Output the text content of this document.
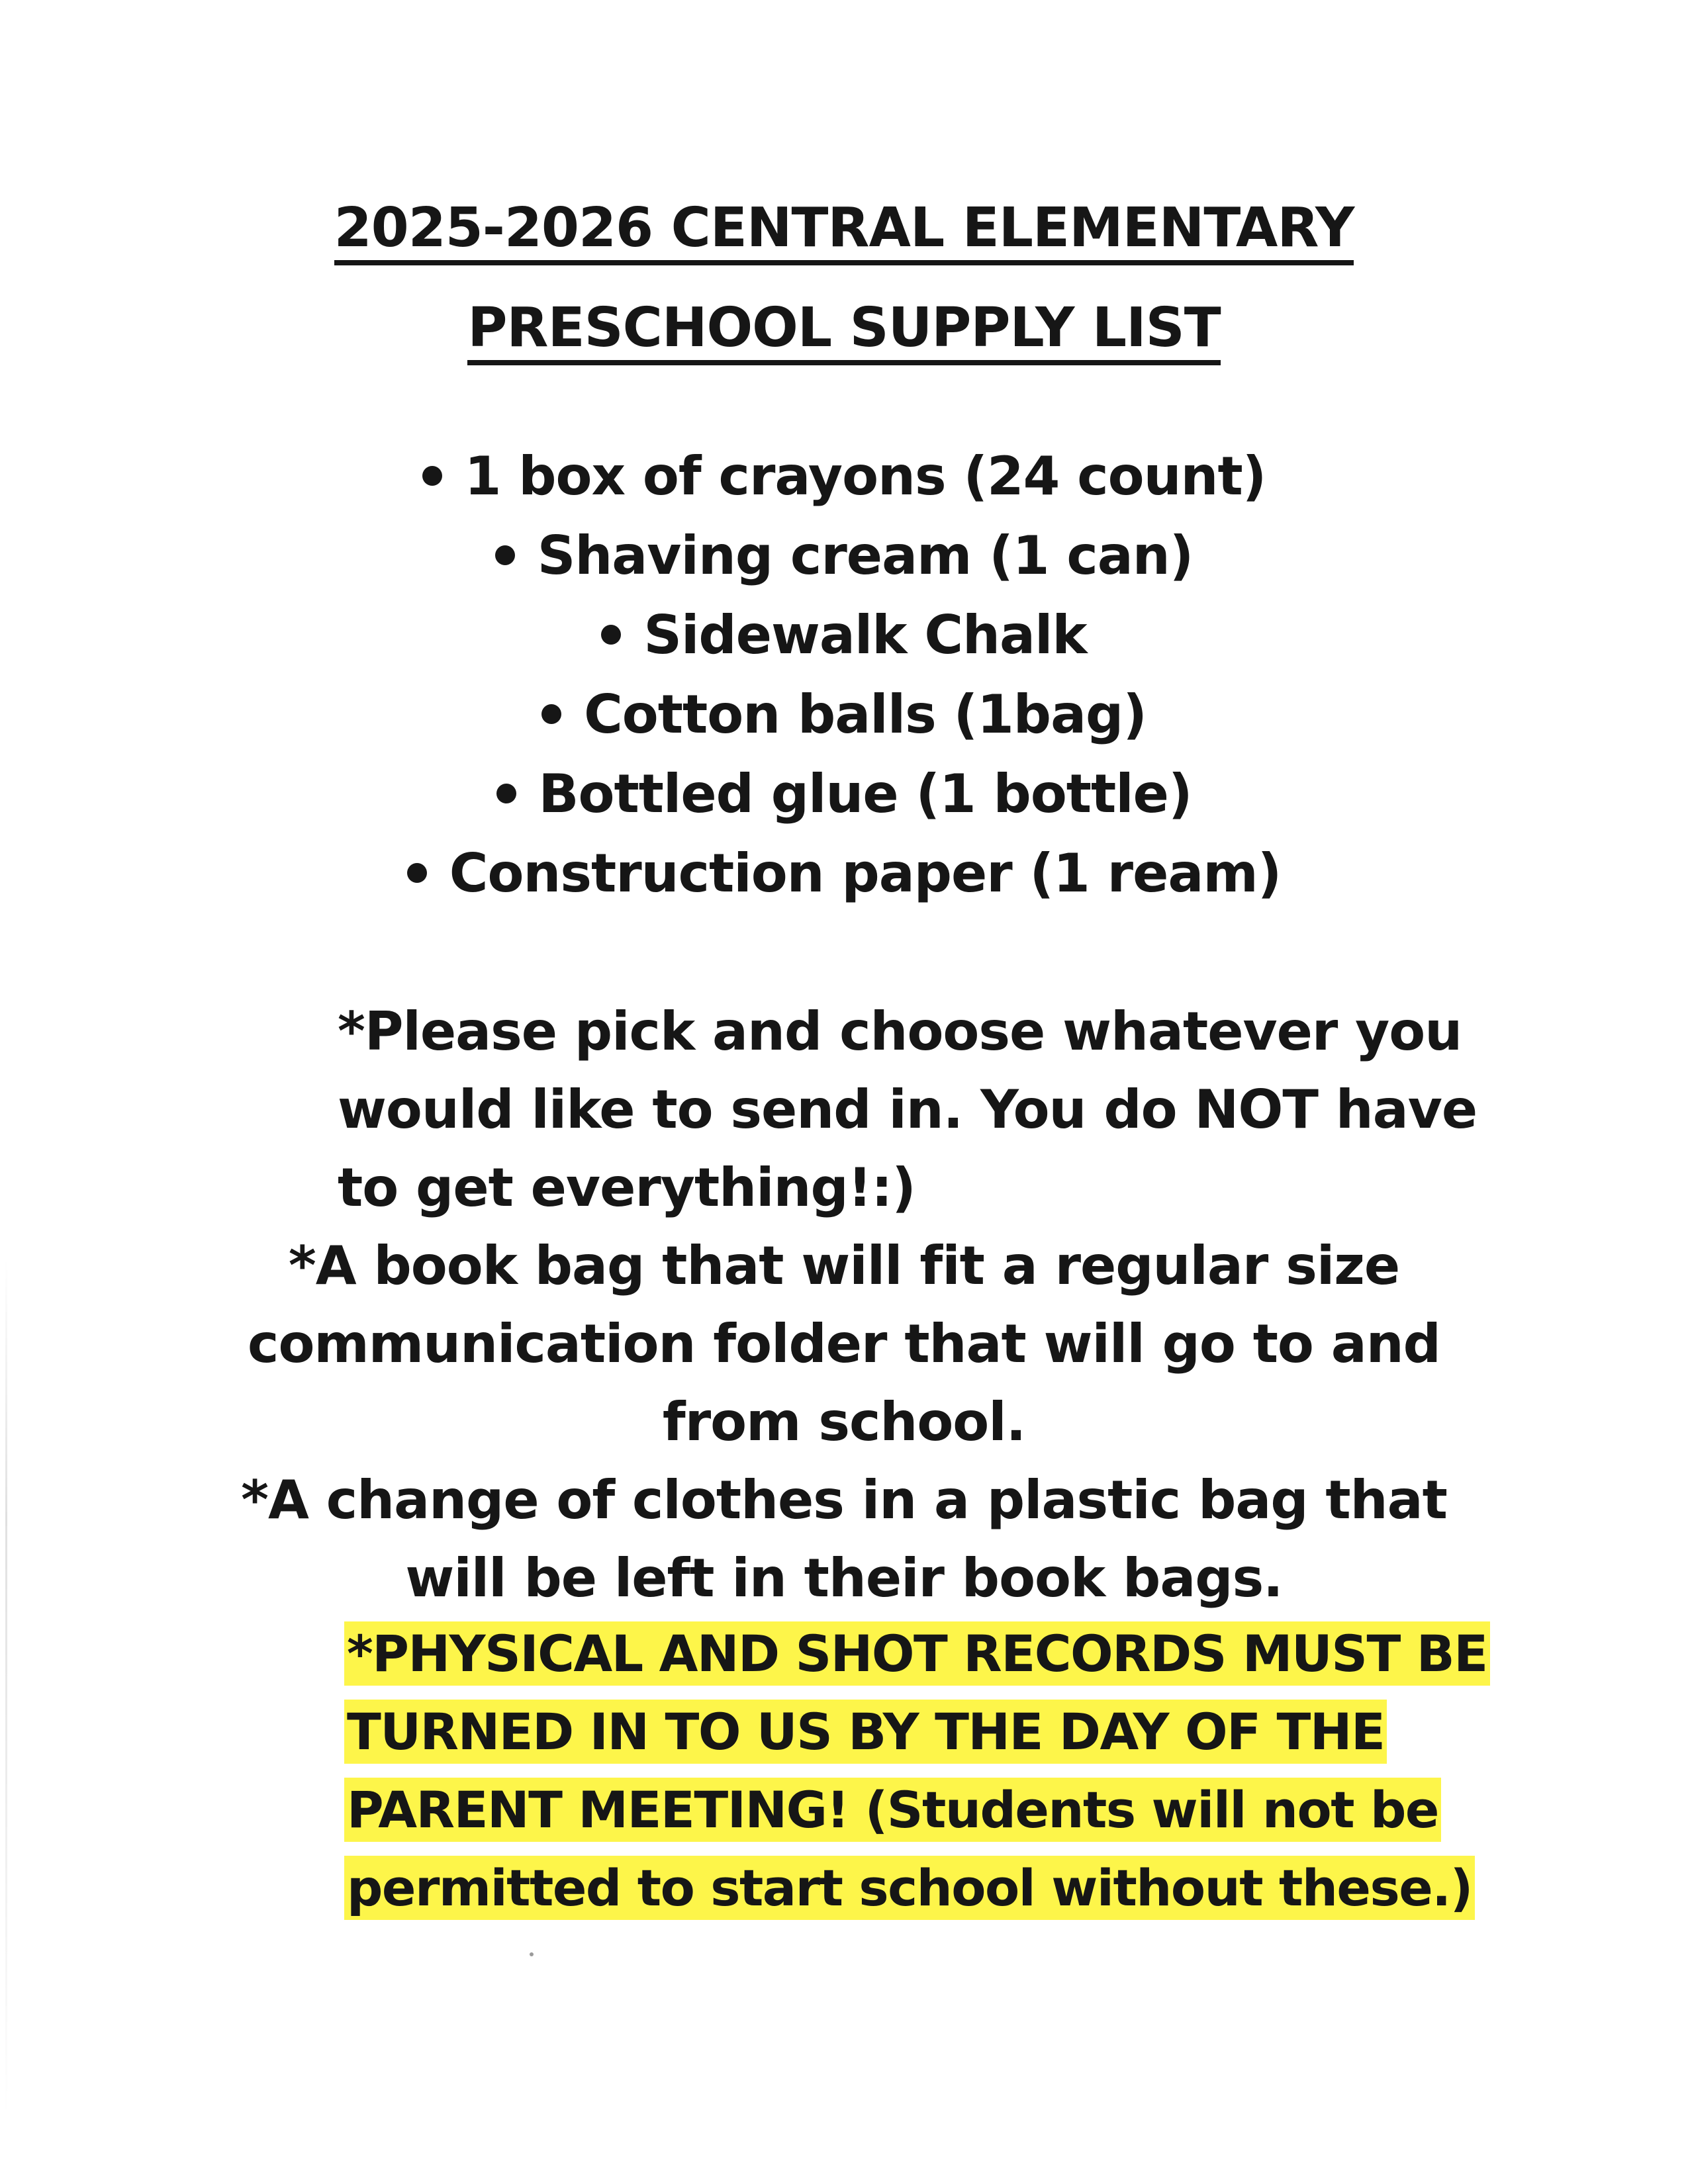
2025-2026 CENTRAL ELEMENTARY
PRESCHOOL SUPPLY LIST
1 box of crayons (24 count)
Shaving cream (1 can)
Sidewalk Chalk
Cotton balls (1bag)
Bottled glue (1 bottle)
Construction paper (1 ream)
*Please pick and choose whatever you
would like to send in. You do NOT have
to get everything!:)
*A book bag that will fit a regular size
communication folder that will go to and
from school.
*A change of clothes in a plastic bag that
will be left in their book bags.
*PHYSICAL AND SHOT RECORDS MUST BE
TURNED IN TO US BY THE DAY OF THE
PARENT MEETING! (Students will not be
permitted to start school without these.)
